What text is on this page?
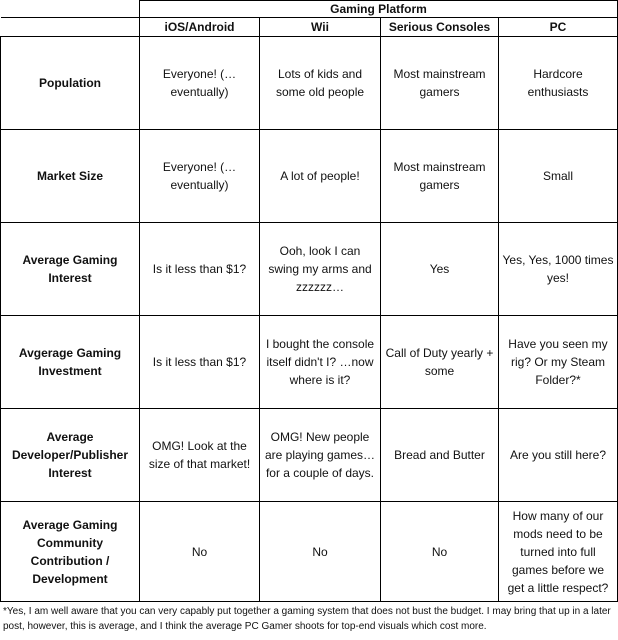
	Gaming Platform			
	iOS/Android	Wii	Serious Consoles	PC
Population	Everyone! (…eventually)	Lots of kids and some old people	Most mainstream gamers	Hardcore enthusiasts
Market Size	Everyone! (…eventually)	A lot of people!	Most mainstream gamers	Small
Average Gaming Interest	Is it less than $1?	Ooh, look I can swing my arms and zzzzzz…	Yes	Yes, Yes, 1000 times yes!
Avgerage Gaming Investment	Is it less than $1?	I bought the console itself didn't I? …now where is it?	Call of Duty yearly + some	Have you seen my rig? Or my Steam Folder?*
Average Developer/Publisher Interest	OMG! Look at the size of that market!	OMG! New people are playing games… for a couple of days.	Bread and Butter	Are you still here?
Average Gaming Community Contribution / Development	No	No	No	How many of our mods need to be turned into full games before we get a little respect?
*Yes, I am well aware that you can very capably put together a gaming system that does not bust the budget. I may bring that up in a later post, however, this is average, and I think the average PC Gamer shoots for top-end visuals which cost more.
